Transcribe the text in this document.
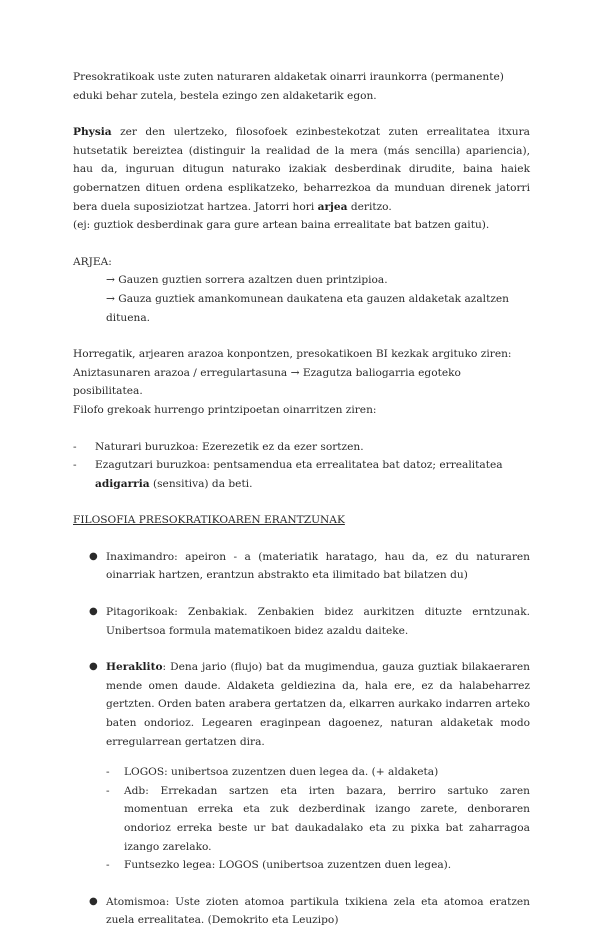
Presokratikoak uste zuten naturaren aldaketak oinarri iraunkorra (permanente) eduki behar zutela, bestela ezingo zen aldaketarik egon.

Physia zer den ulertzeko, filosofoek ezinbestekotzat zuten errealitatea itxura hutsetatik bereiztea (distinguir la realidad de la mera (más sencilla) apariencia), hau da, inguruan ditugun naturako izakiak desberdinak dirudite, baina haiek gobernatzen dituen ordena esplikatzeko, beharrezkoa da munduan direnek jatorri bera duela suposiziotzat hartzea. Jatorri hori arjea deritzo.

(ej: guztiok desberdinak gara gure artean baina errealitate bat batzen gaitu).

ARJEA:

→ Gauzen guztien sorrera azaltzen duen printzipioa.

→ Gauza guztiek amankomunean daukatena eta gauzen aldaketak azaltzen dituena.

Horregatik, arjearen arazoa konpontzen, presokatikoen BI kezkak argituko ziren:

Aniztasunaren arazoa / erregulartasuna → Ezagutza baliogarria egoteko posibilitatea.

Filofo grekoak hurrengo printzipoetan oinarritzen ziren:

- Naturari buruzkoa: Ezerezetik ez da ezer sortzen.
- Ezagutzari buruzkoa: pentsamendua eta errealitatea bat datoz; errealitatea adigarria (sensitiva) da beti.

FILOSOFIA PRESOKRATIKOAREN ERANTZUNAK

● Inaximandro: apeiron - a (materiatik haratago, hau da, ez du naturaren oinarriak hartzen, erantzun abstrakto eta ilimitado bat bilatzen du)
● Pitagorikoak: Zenbakiak. Zenbakien bidez aurkitzen dituzte erntzunak. Unibertsoa formula matematikoen bidez azaldu daiteke.
● Heraklito: Dena jario (flujo) bat da mugimendua, gauza guztiak bilakaeraren mende omen daude. Aldaketa geldiezina da, hala ere, ez da halabeharrez gertzten. Orden baten arabera gertatzen da, elkarren aurkako indarren arteko baten ondorioz. Legearen eraginpean dagoenez, naturan aldaketak modo erregularrean gertatzen dira.
- LOGOS: unibertsoa zuzentzen duen legea da. (+ aldaketa)
- Adb: Errekadan sartzen eta irten bazara, berriro sartuko zaren momentuan erreka eta zuk dezberdinak izango zarete, denboraren ondorioz erreka beste ur bat daukadalako eta zu pixka bat zaharragoa izango zarelako.
- Funtsezko legea: LOGOS (unibertsoa zuzentzen duen legea).
● Atomismoa: Uste zioten atomoa partikula txikiena zela eta atomoa eratzen zuela errealitatea. (Demokrito eta Leuzipo)
